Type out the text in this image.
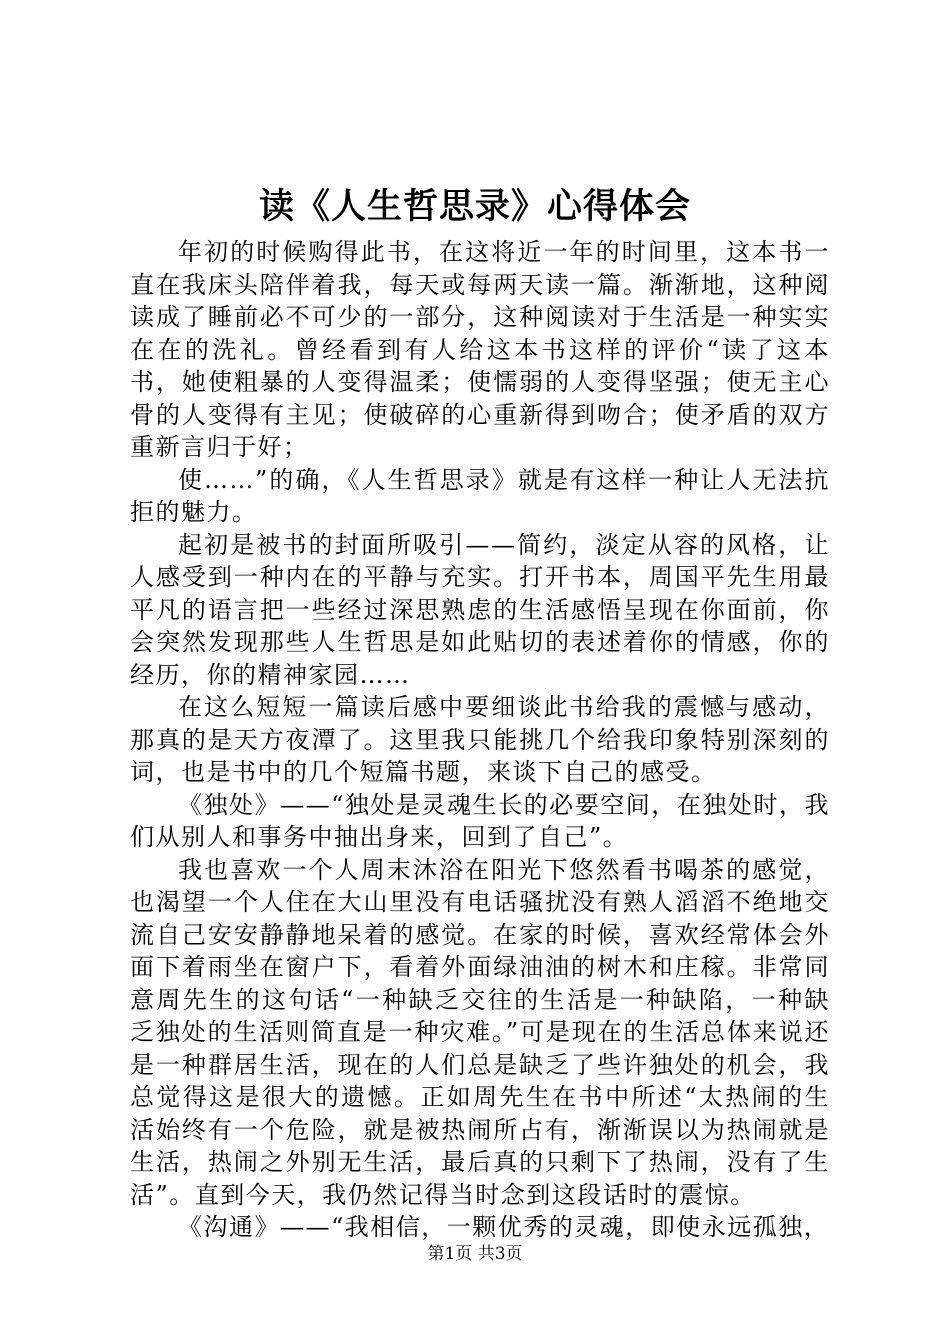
读《人生哲思录》心得体会

年初的时候购得此书，在这将近一年的时间里，这本书一直在我床头陪伴着我，每天或每两天读一篇。渐渐地，这种阅读成了睡前必不可少的一部分，这种阅读对于生活是一种实实在在的洗礼。曾经看到有人给这本书这样的评价“读了这本书，她使粗暴的人变得温柔；使懦弱的人变得坚强；使无主心骨的人变得有主见；使破碎的心重新得到吻合；使矛盾的双方重新言归于好；

使……”的确，《人生哲思录》就是有这样一种让人无法抗拒的魅力。

起初是被书的封面所吸引——简约，淡定从容的风格，让人感受到一种内在的平静与充实。打开书本，周国平先生用最平凡的语言把一些经过深思熟虑的生活感悟呈现在你面前，你会突然发现那些人生哲思是如此贴切的表述着你的情感，你的经历，你的精神家园……

在这么短短一篇读后感中要细谈此书给我的震憾与感动，那真的是天方夜潭了。这里我只能挑几个给我印象特别深刻的词，也是书中的几个短篇书题，来谈下自己的感受。

《独处》——“独处是灵魂生长的必要空间，在独处时，我们从别人和事务中抽出身来，回到了自己”。

我也喜欢一个人周末沐浴在阳光下悠然看书喝茶的感觉，也渴望一个人住在大山里没有电话骚扰没有熟人滔滔不绝地交流自己安安静静地呆着的感觉。在家的时候，喜欢经常体会外面下着雨坐在窗户下，看着外面绿油油的树木和庄稼。非常同意周先生的这句话“一种缺乏交往的生活是一种缺陷，一种缺乏独处的生活则简直是一种灾难。”可是现在的生活总体来说还是一种群居生活，现在的人们总是缺乏了些许独处的机会，我总觉得这是很大的遗憾。正如周先生在书中所述“太热闹的生活始终有一个危险，就是被热闹所占有，渐渐误以为热闹就是生活，热闹之外别无生活，最后真的只剩下了热闹，没有了生活”。直到今天，我仍然记得当时念到这段话时的震惊。

《沟通》——“我相信，一颗优秀的灵魂，即使永远孤独，

第1页 共3页
